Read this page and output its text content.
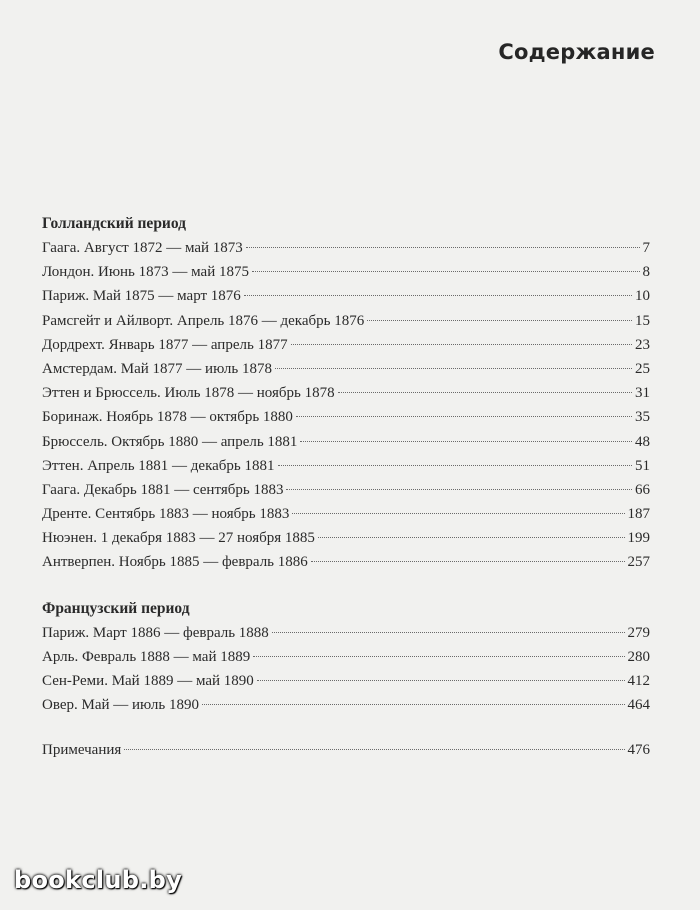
Содержание
Голландский период
Гаага. Август 1872 — май 1873	7
Лондон. Июнь 1873 — май 1875	8
Париж. Май 1875 — март 1876	10
Рамсгейт и Айлворт. Апрель 1876 — декабрь 1876	15
Дордрехт. Январь 1877 — апрель 1877	23
Амстердам. Май 1877 — июль 1878	25
Эттен и Брюссель. Июль 1878 — ноябрь 1878	31
Боринаж. Ноябрь 1878 — октябрь 1880	35
Брюссель. Октябрь 1880 — апрель 1881	48
Эттен. Апрель 1881 — декабрь 1881	51
Гаага. Декабрь 1881 — сентябрь 1883	66
Дренте. Сентябрь 1883 — ноябрь 1883	187
Нюэнен. 1 декабря 1883 — 27 ноября 1885	199
Антверпен. Ноябрь 1885 — февраль 1886	257
Французский период
Париж. Март 1886 — февраль 1888	279
Арль. Февраль 1888 — май 1889	280
Сен-Реми. Май 1889 — май 1890	412
Овер. Май — июль 1890	464
Примечания	476
bookclub.by
